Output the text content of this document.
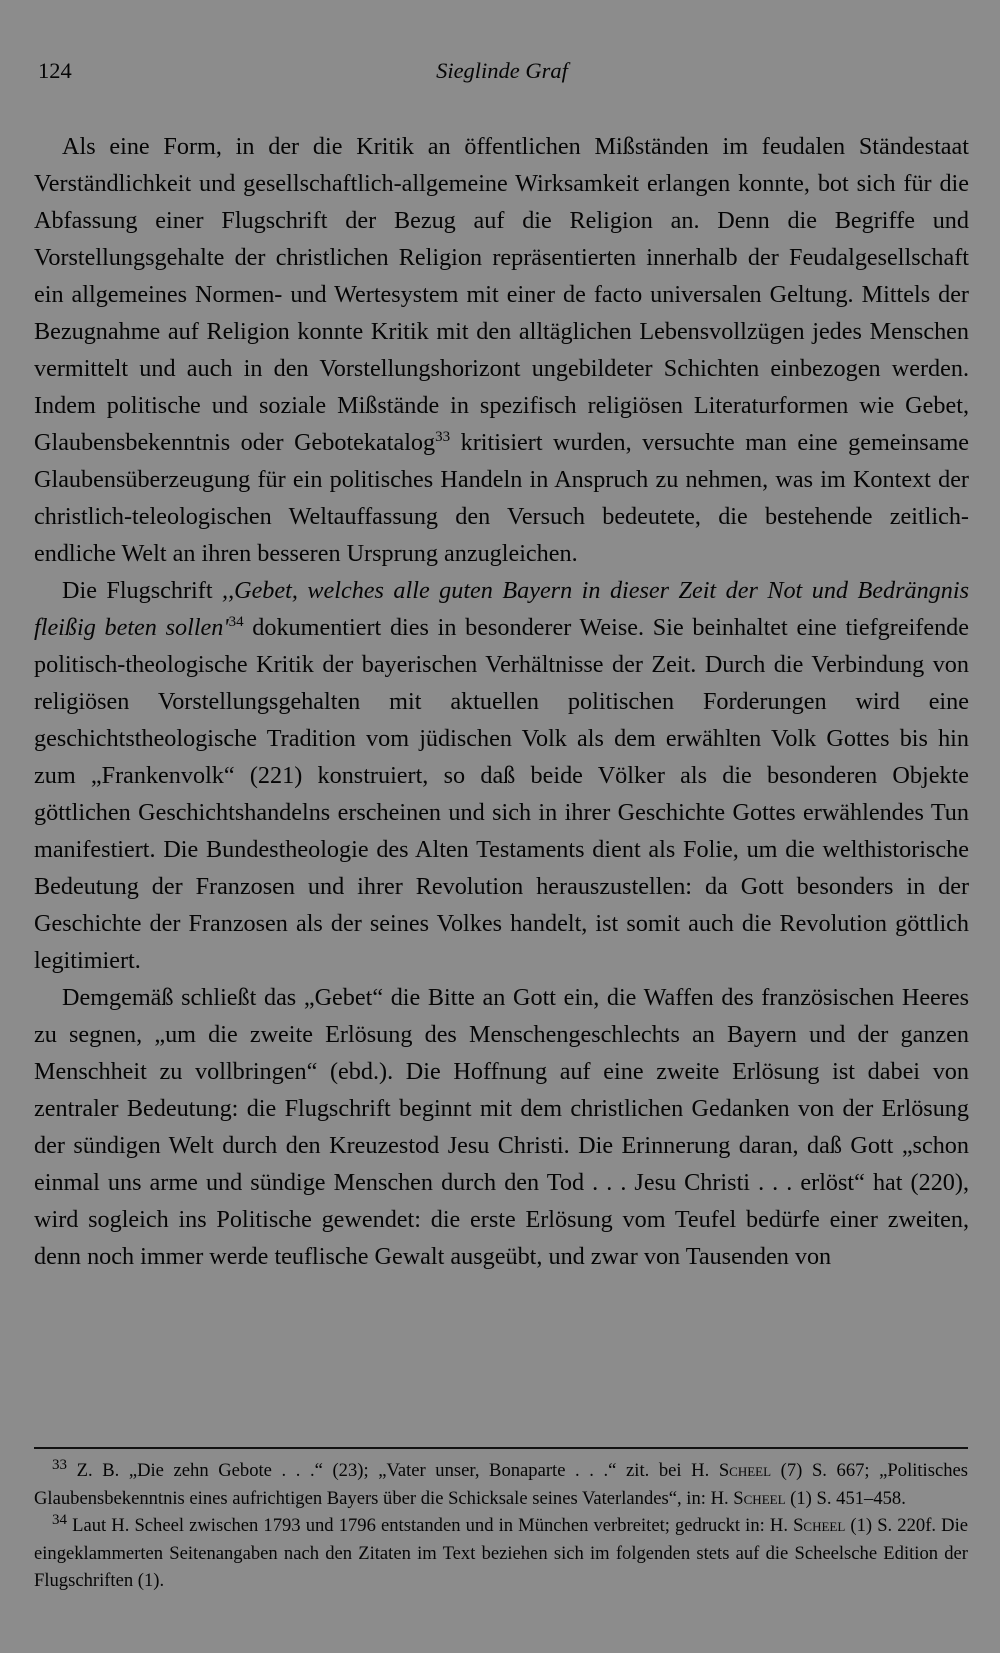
124	Sieglinde Graf

Als eine Form, in der die Kritik an öffentlichen Mißständen im feudalen Ständestaat Verständlichkeit und gesellschaftlich-allgemeine Wirksamkeit erlangen konnte, bot sich für die Abfassung einer Flugschrift der Bezug auf die Religion an. Denn die Begriffe und Vorstellungsgehalte der christlichen Religion repräsentierten innerhalb der Feudalgesellschaft ein allgemeines Normen- und Wertesystem mit einer de facto universalen Geltung. Mittels der Bezugnahme auf Religion konnte Kritik mit den alltäglichen Lebensvollzügen jedes Menschen vermittelt und auch in den Vorstellungshorizont ungebildeter Schichten einbezogen werden. Indem politische und soziale Mißstände in spezifisch religiösen Literaturformen wie Gebet, Glaubensbekenntnis oder Gebotekatalog$^{33}$ kritisiert wurden, versuchte man eine gemeinsame Glaubensüberzeugung für ein politisches Handeln in Anspruch zu nehmen, was im Kontext der christlich-teleologischen Weltauffassung den Versuch bedeutete, die bestehende zeitlich-endliche Welt an ihren besseren Ursprung anzugleichen.

Die Flugschrift ,,Gebet, welches alle guten Bayern in dieser Zeit der Not und Bedrängnis fleißig beten $sollen'^{34}$ dokumentiert dies in besonderer Weise. Sie beinhaltet eine tiefgreifende politisch-theologische Kritik der bayerischen Verhältnisse der Zeit. Durch die Verbindung von religiösen Vorstellungsgehalten mit aktuellen politischen Forderungen wird eine geschichtstheologische Tradition vom jüdischen Volk als dem erwählten Volk Gottes bis hin zum „Frankenvolk“ (221) konstruiert, so daß beide Völker als die besonderen Objekte göttlichen Geschichtshandelns erscheinen und sich in ihrer Geschichte Gottes erwählendes Tun manifestiert. Die Bundestheologie des Alten Testaments dient als Folie, um die welthistorische Bedeutung der Franzosen und ihrer Revolution herauszustellen: da Gott besonders in der Geschichte der Franzosen als der seines Volkes handelt, ist somit auch die Revolution göttlich legitimiert.

Demgemäß schließt das „Gebet“ die Bitte an Gott ein, die Waffen des französischen Heeres zu segnen, „um die zweite Erlösung des Menschengeschlechts an Bayern und der ganzen Menschheit zu vollbringen“ (ebd.). Die Hoffnung auf eine zweite Erlösung ist dabei von zentraler Bedeutung: die Flugschrift beginnt mit dem christlichen Gedanken von der Erlösung der sündigen Welt durch den Kreuzestod Jesu Christi. Die Erinnerung daran, daß Gott „schon einmal uns arme und sündige Menschen durch den Tod . . . Jesu Christi . . . erlöst“ hat (220), wird sogleich ins Politische gewendet: die erste Erlösung vom Teufel bedürfe einer zweiten, denn noch immer werde teuflische Gewalt ausgeübt, und zwar von Tausenden von

$^{33}$ Z. B. „Die zehn Gebote . . .“ (23); „Vater unser, Bonaparte . . .“ zit. bei H. Scheel (7) S. 667; „Politisches Glaubensbekenntnis eines aufrichtigen Bayers über die Schicksale seines Vaterlandes“, in: H. Scheel (1) S. 451–458.

$^{34}$ Laut H. Scheel zwischen 1793 und 1796 entstanden und in München verbreitet; gedruckt in: H. Scheel (1) S. 220f. Die eingeklammerten Seitenangaben nach den Zitaten im Text beziehen sich im folgenden stets auf die Scheelsche Edition der Flugschriften (1).
